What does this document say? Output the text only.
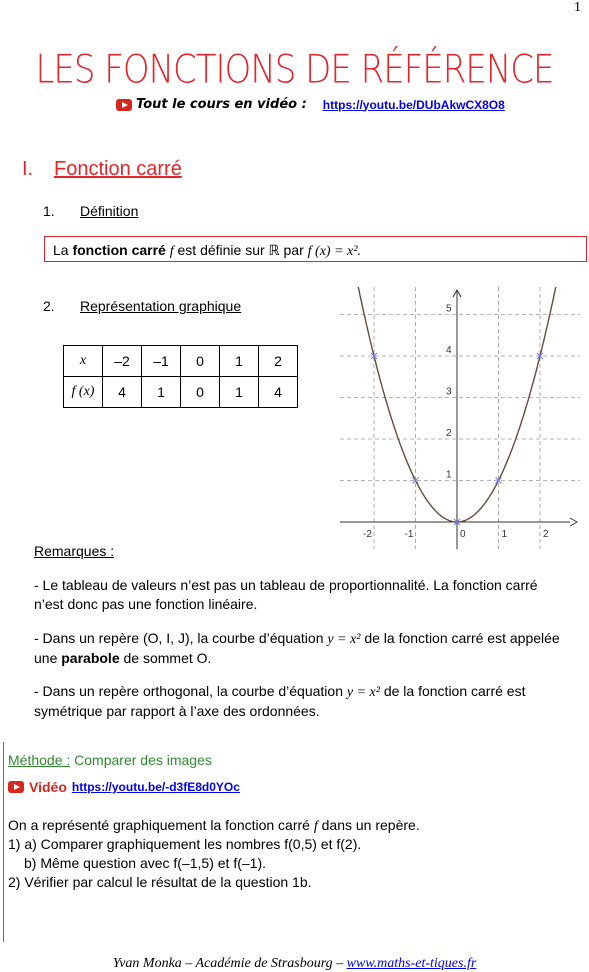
1
LES FONCTIONS DE RÉFÉRENCE
Tout le cours en vidéo : https://youtu.be/DUbAkwCX8O8
I. Fonction carré
1. Définition
La fonction carré f est définie sur ℝ par f (x) = x².
2. Représentation graphique
x	–2	–1	0	1	2
f (x)	4	1	0	1	4
-2	-1	0	1	2
1
2
3
4
5
Remarques :
- Le tableau de valeurs n’est pas un tableau de proportionnalité. La fonction carré n’est donc pas une fonction linéaire.
- Dans un repère (O, I, J), la courbe d’équation y = x² de la fonction carré est appelée une parabole de sommet O.
- Dans un repère orthogonal, la courbe d’équation y = x² de la fonction carré est symétrique par rapport à l’axe des ordonnées.
Méthode : Comparer des images
Vidéo https://youtu.be/-d3fE8d0YOc
On a représenté graphiquement la fonction carré f dans un repère.
1) a) Comparer graphiquement les nombres f(0,5) et f(2).
b) Même question avec f(–1,5) et f(–1).
2) Vérifier par calcul le résultat de la question 1b.
Yvan Monka – Académie de Strasbourg – www.maths-et-tiques.fr
